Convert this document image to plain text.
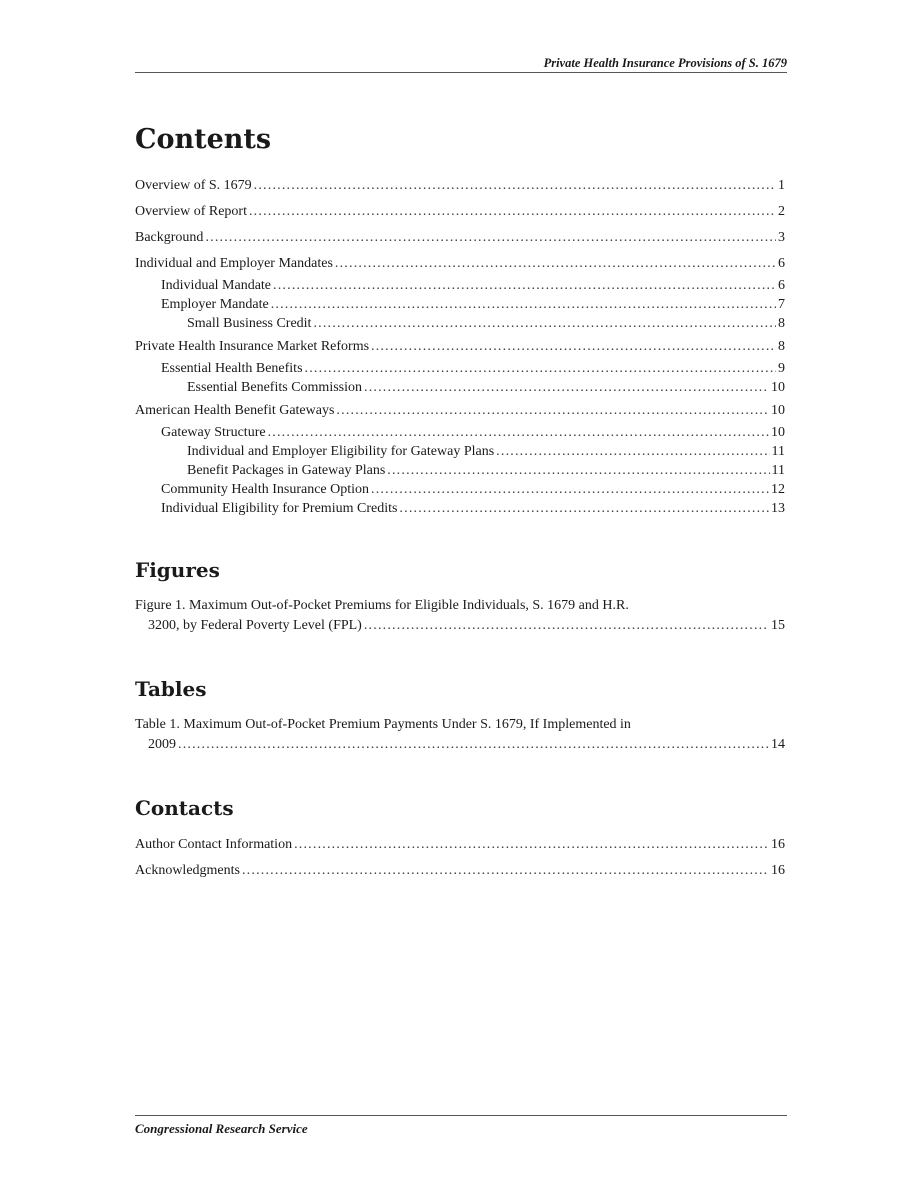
Private Health Insurance Provisions of S. 1679
Contents
Overview of S. 1679 .....	1
Overview of Report .....	2
Background .....	3
Individual and Employer Mandates .....	6
Individual Mandate .....	6
Employer Mandate .....	7
Small Business Credit .....	8
Private Health Insurance Market Reforms .....	8
Essential Health Benefits .....	9
Essential Benefits Commission .....	10
American Health Benefit Gateways .....	10
Gateway Structure .....	10
Individual and Employer Eligibility for Gateway Plans .....	11
Benefit Packages in Gateway Plans .....	11
Community Health Insurance Option .....	12
Individual Eligibility for Premium Credits .....	13
Figures
Figure 1. Maximum Out-of-Pocket Premiums for Eligible Individuals, S. 1679 and H.R.
3200, by Federal Poverty Level (FPL) .....	15
Tables
Table 1. Maximum Out-of-Pocket Premium Payments Under S. 1679, If Implemented in
2009 .....	14
Contacts
Author Contact Information .....	16
Acknowledgments .....	16
Congressional Research Service
